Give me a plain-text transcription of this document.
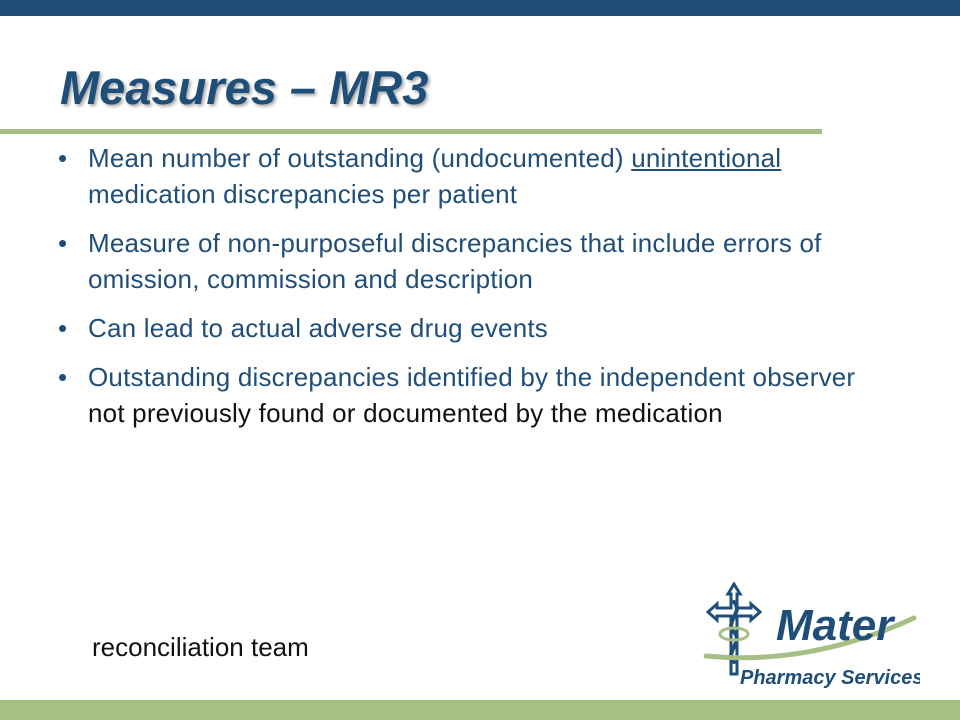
Measures – MR3
• Mean number of outstanding (undocumented) unintentional medication discrepancies per patient
• Measure of non-purposeful discrepancies that include errors of omission, commission and description
• Can lead to actual adverse drug events
• Outstanding discrepancies identified by the independent observer not previously found or documented by the medication
reconciliation team	Mater
Pharmacy Services
